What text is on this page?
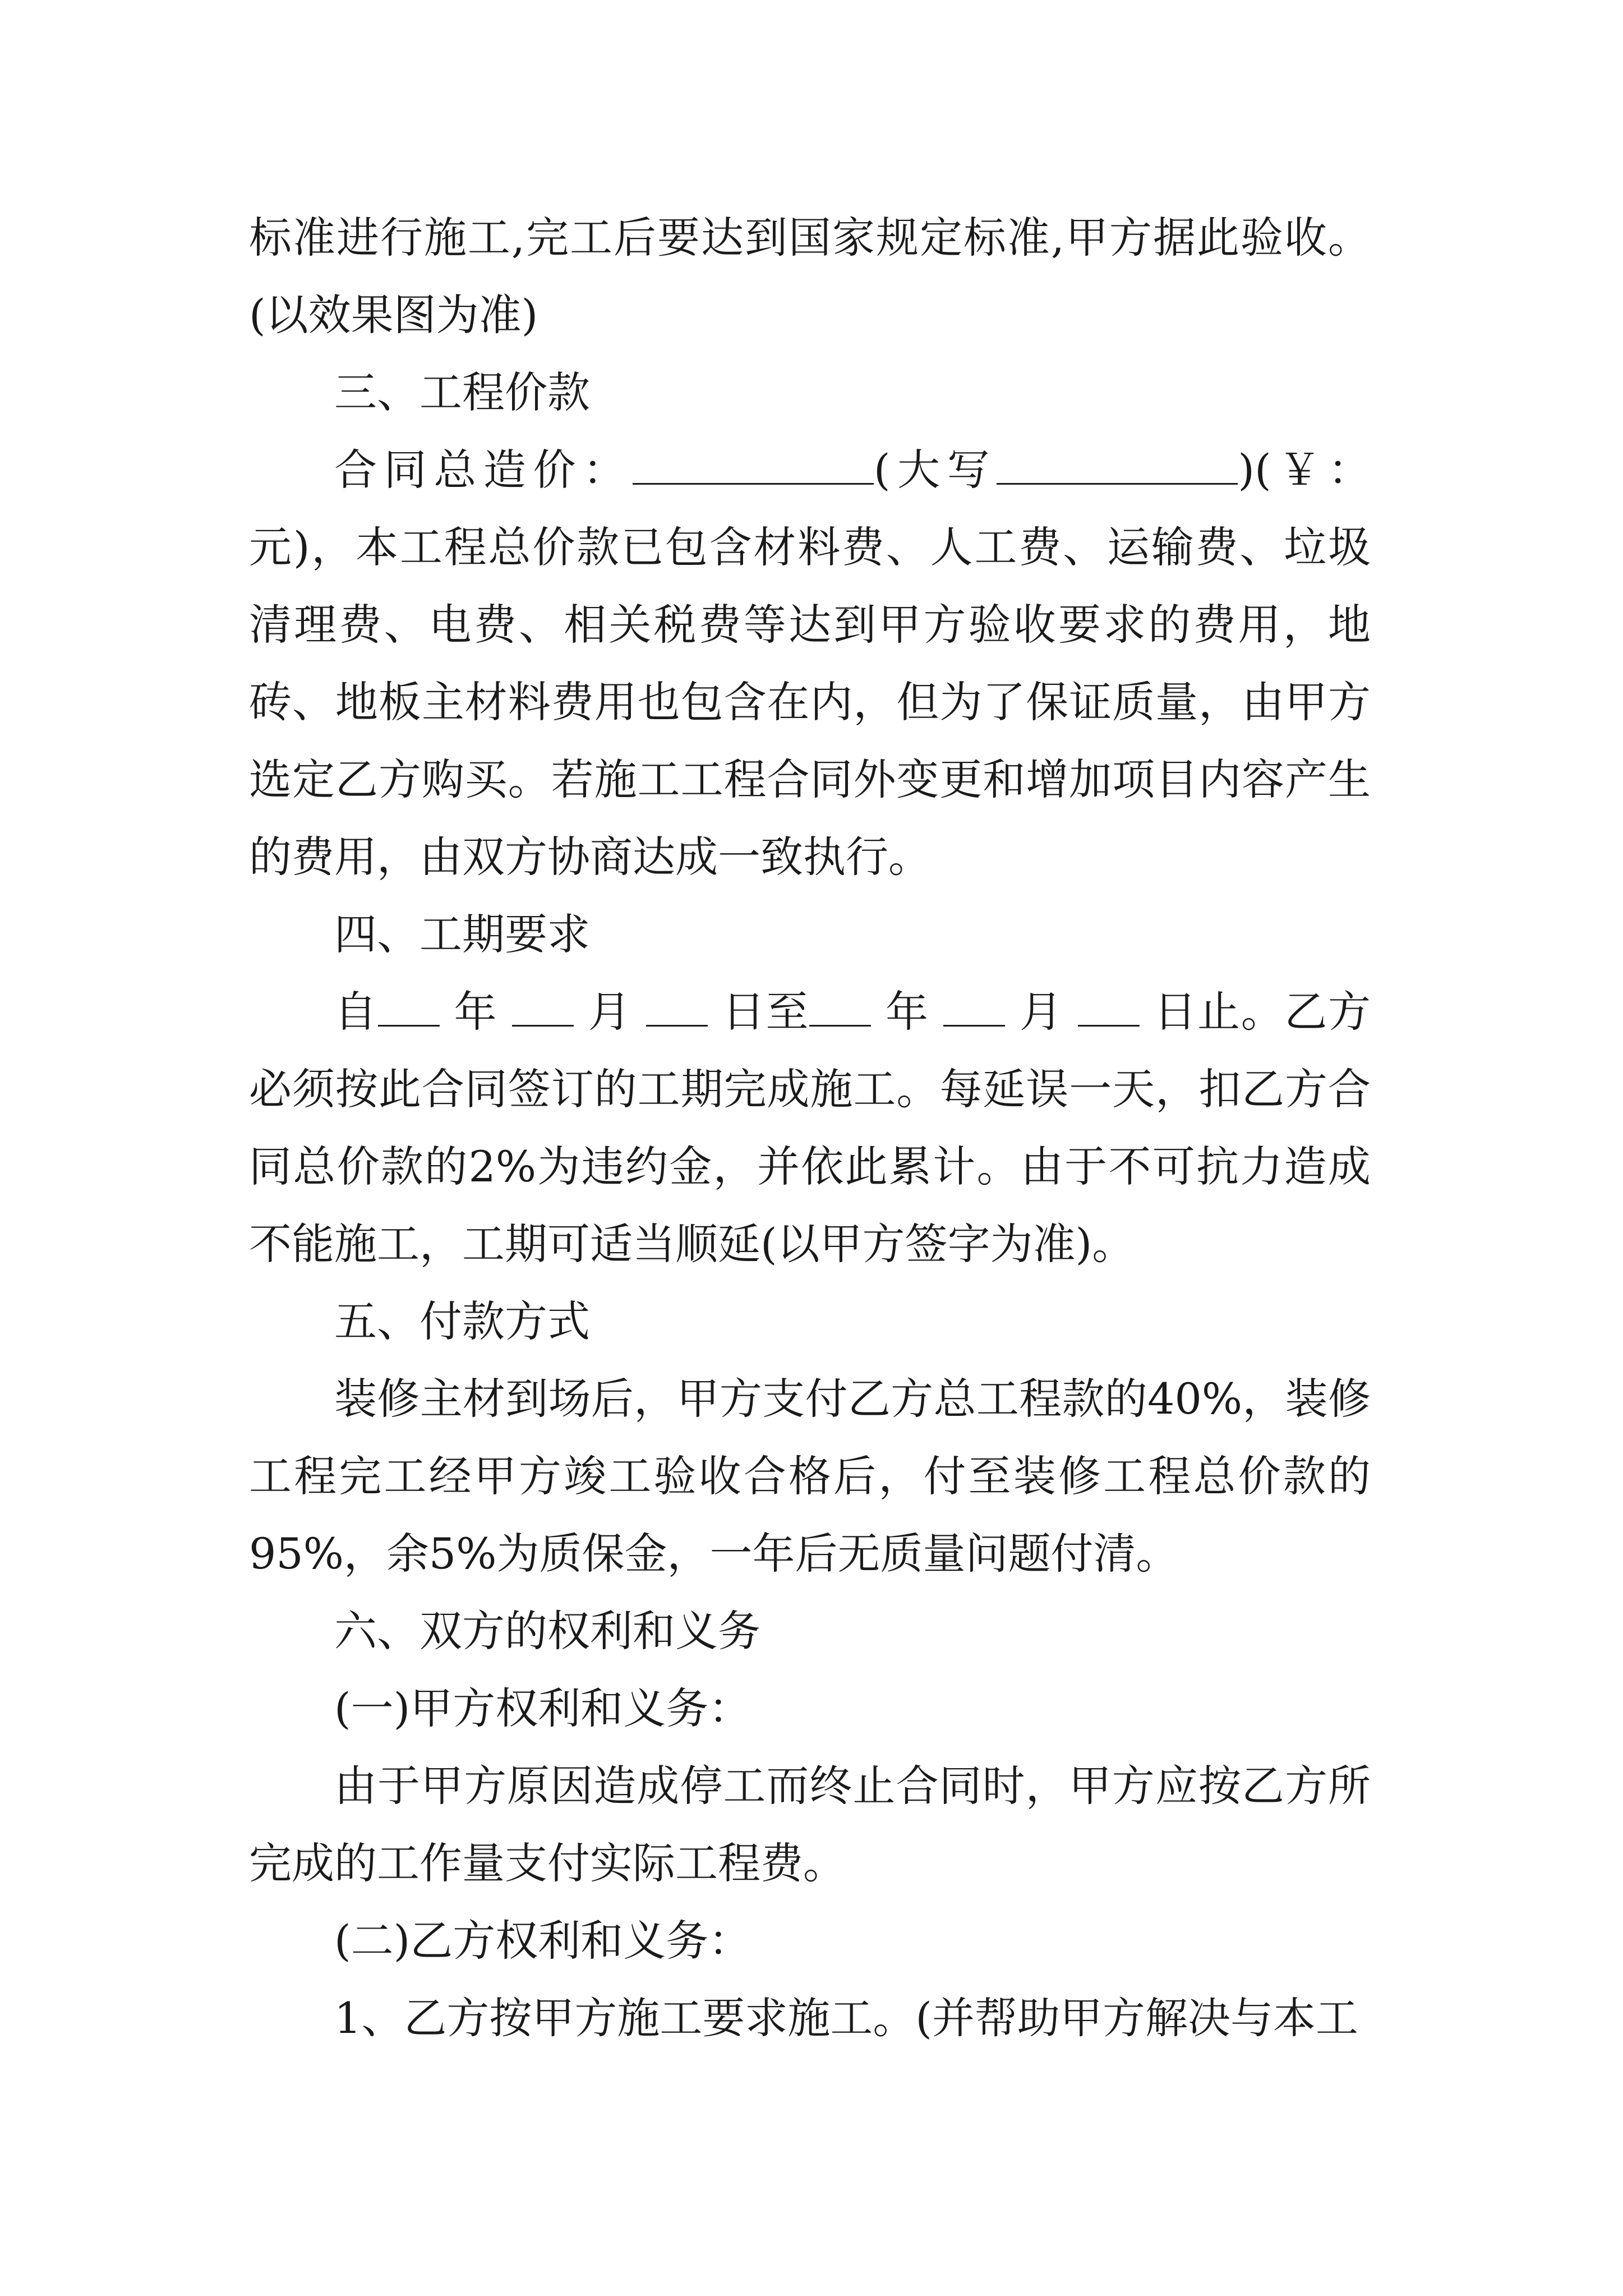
标准进行施工,完工后要达到国家规定标准,甲方据此验收。(以效果图为准)

三、工程价款

合同总造价：	(大写	)(￥：元)，本工程总价款已包含材料费、人工费、运输费、垃圾清理费、电费、相关税费等达到甲方验收要求的费用，地砖、地板主材料费用也包含在内，但为了保证质量，由甲方选定乙方购买。若施工工程合同外变更和增加项目内容产生的费用，由双方协商达成一致执行。

四、工期要求

自 年 月 日至 年 月 日止。乙方必须按此合同签订的工期完成施工。每延误一天，扣乙方合同总价款的2%为违约金，并依此累计。由于不可抗力造成不能施工，工期可适当顺延(以甲方签字为准)。

五、付款方式

装修主材到场后，甲方支付乙方总工程款的40%，装修工程完工经甲方竣工验收合格后，付至装修工程总价款的95%，余5%为质保金，一年后无质量问题付清。

六、双方的权利和义务

(一)甲方权利和义务：

由于甲方原因造成停工而终止合同时，甲方应按乙方所完成的工作量支付实际工程费。

(二)乙方权利和义务：

1、乙方按甲方施工要求施工。(并帮助甲方解决与本工
